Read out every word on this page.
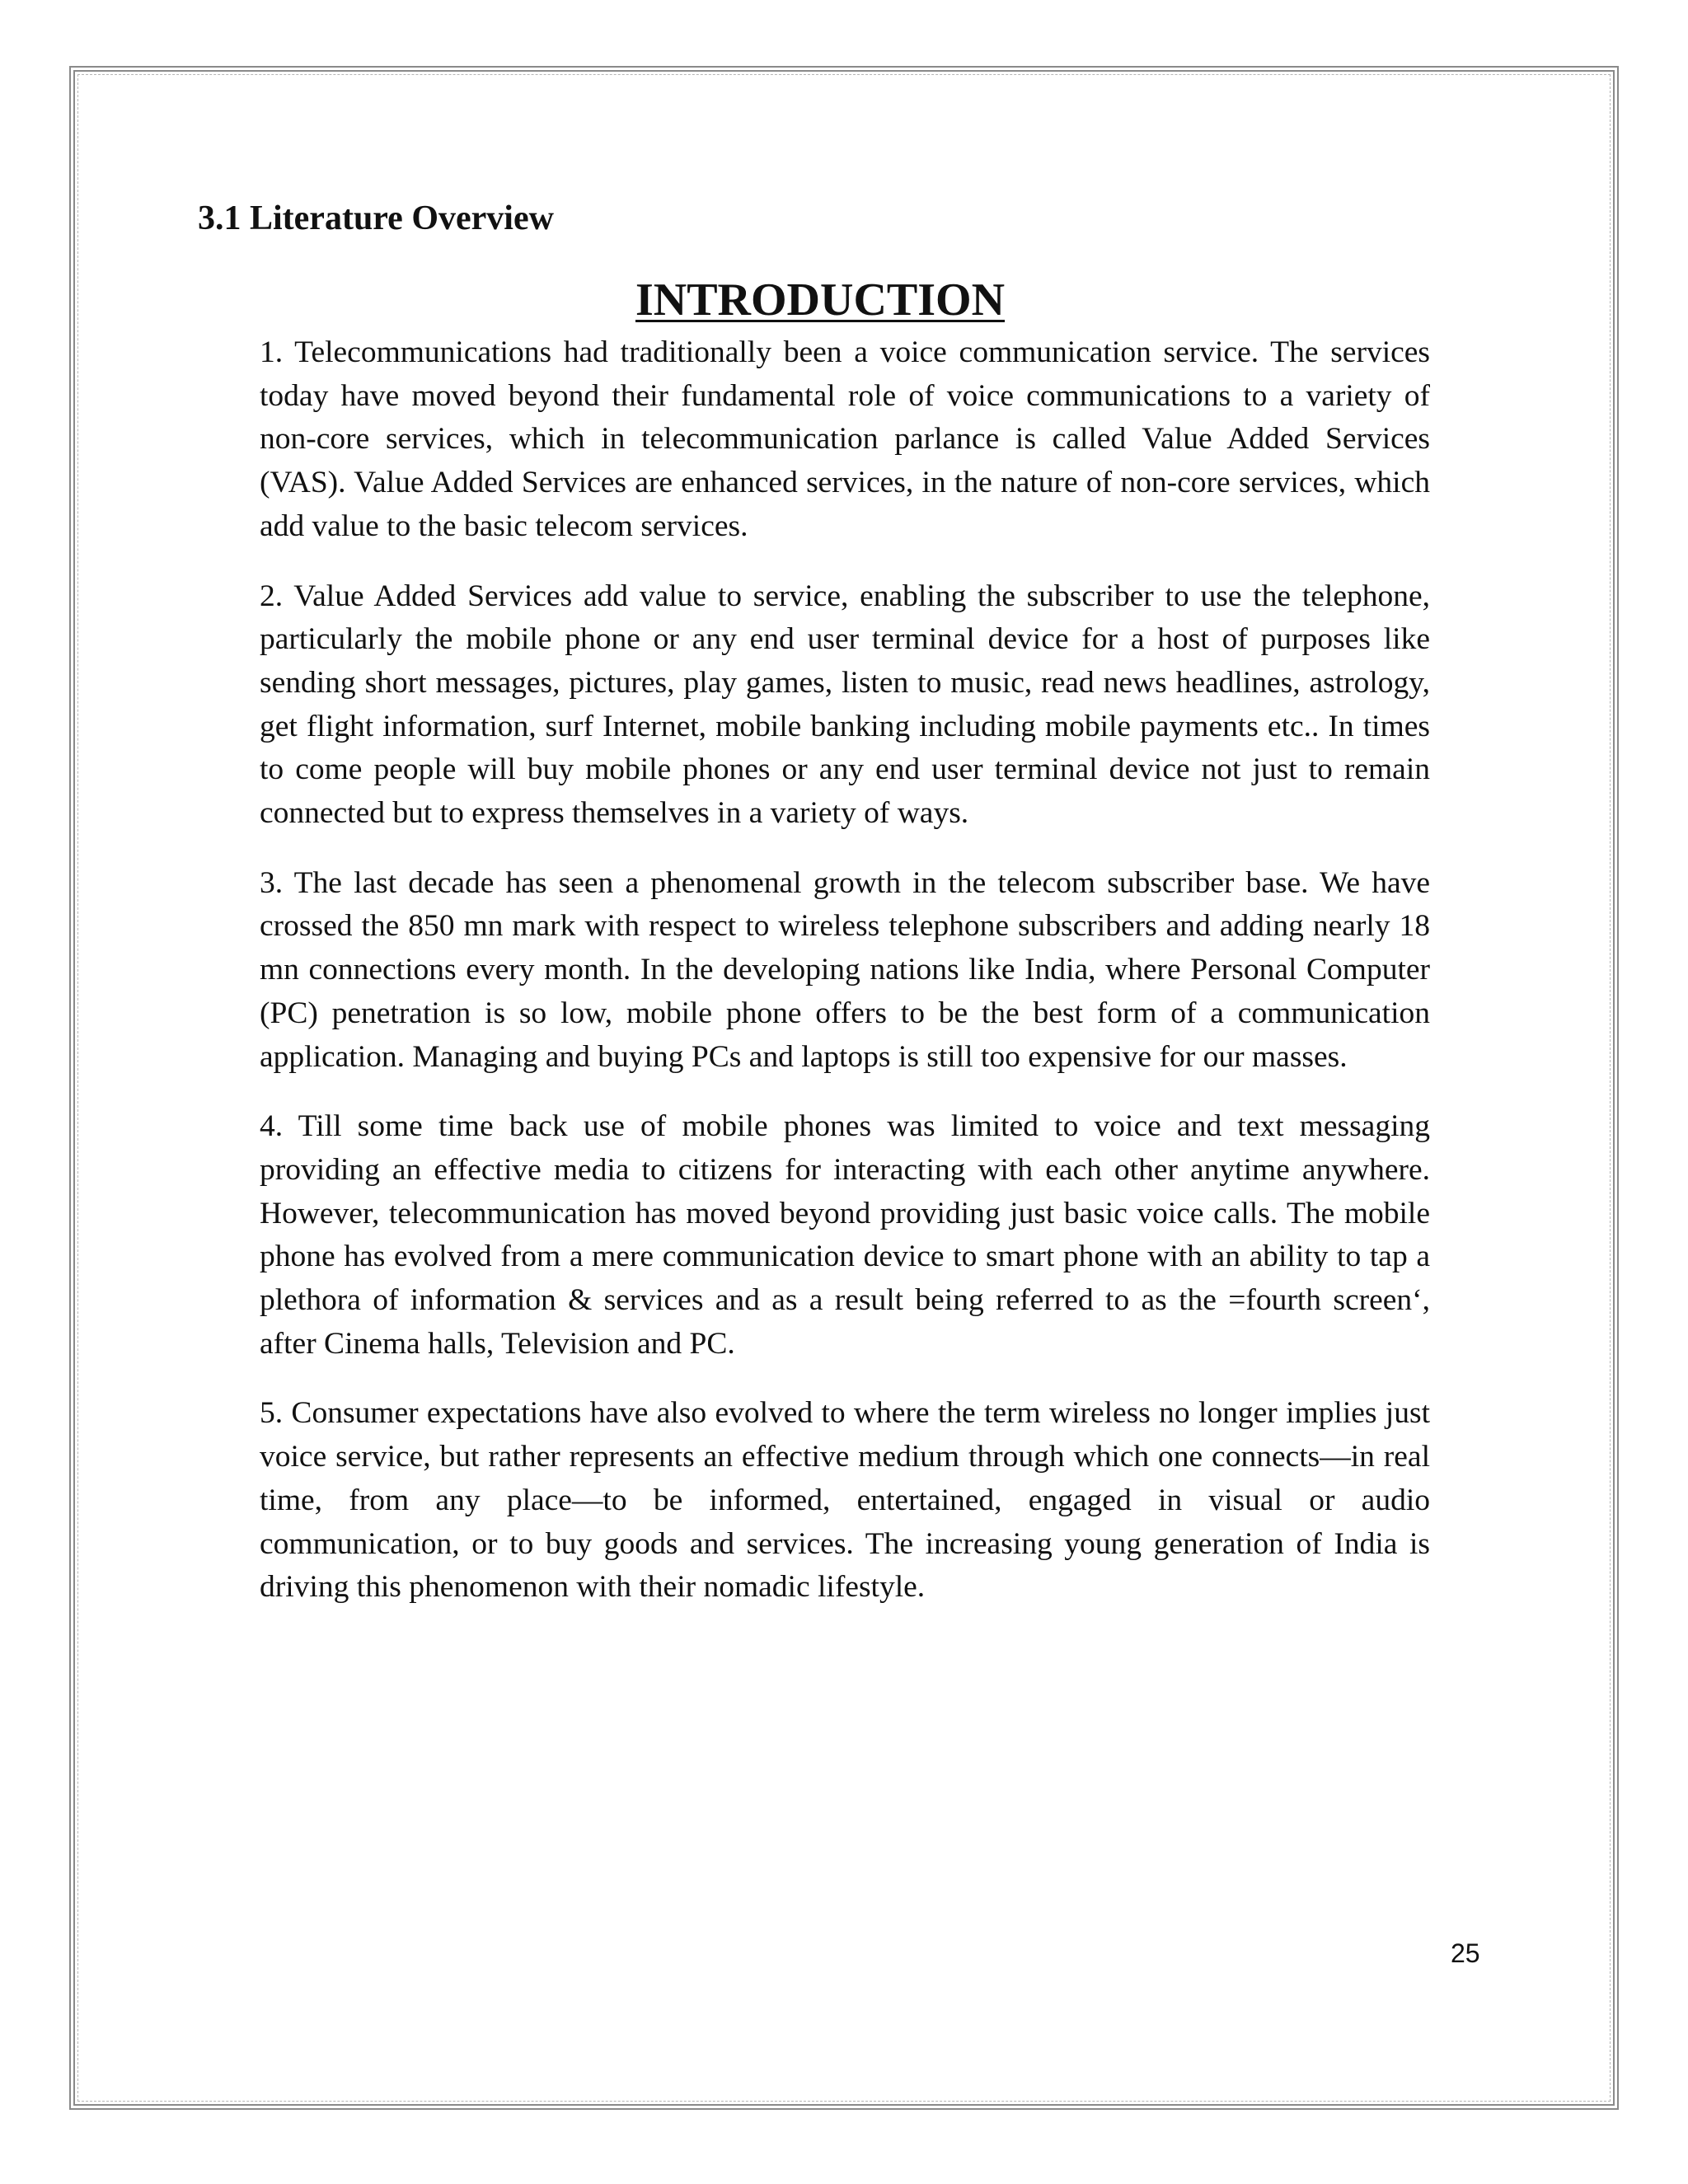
3.1 Literature Overview
INTRODUCTION

1. Telecommunications had traditionally been a voice communication service. The services today have moved beyond their fundamental role of voice communications to a variety of non-core services, which in telecommunication parlance is called Value Added Services (VAS). Value Added Services are enhanced services, in the nature of non-core services, which add value to the basic telecom services.

2. Value Added Services add value to service, enabling the subscriber to use the telephone, particularly the mobile phone or any end user terminal device for a host of purposes like sending short messages, pictures, play games, listen to music, read news headlines, astrology, get flight information, surf Internet, mobile banking including mobile payments etc.. In times to come people will buy mobile phones or any end user terminal device not just to remain connected but to express themselves in a variety of ways.

3. The last decade has seen a phenomenal growth in the telecom subscriber base. We have crossed the 850 mn mark with respect to wireless telephone subscribers and adding nearly 18 mn connections every month. In the developing nations like India, where Personal Computer (PC) penetration is so low, mobile phone offers to be the best form of a communication application. Managing and buying PCs and laptops is still too expensive for our masses.

4. Till some time back use of mobile phones was limited to voice and text messaging providing an effective media to citizens for interacting with each other anytime anywhere. However, telecommunication has moved beyond providing just basic voice calls. The mobile phone has evolved from a mere communication device to smart phone with an ability to tap a plethora of information & services and as a result being referred to as the =fourth screen‘, after Cinema halls, Television and PC.

5. Consumer expectations have also evolved to where the term wireless no longer implies just voice service, but rather represents an effective medium through which one connects—in real time, from any place—to be informed, entertained, engaged in visual or audio communication, or to buy goods and services. The increasing young generation of India is driving this phenomenon with their nomadic lifestyle.

25
